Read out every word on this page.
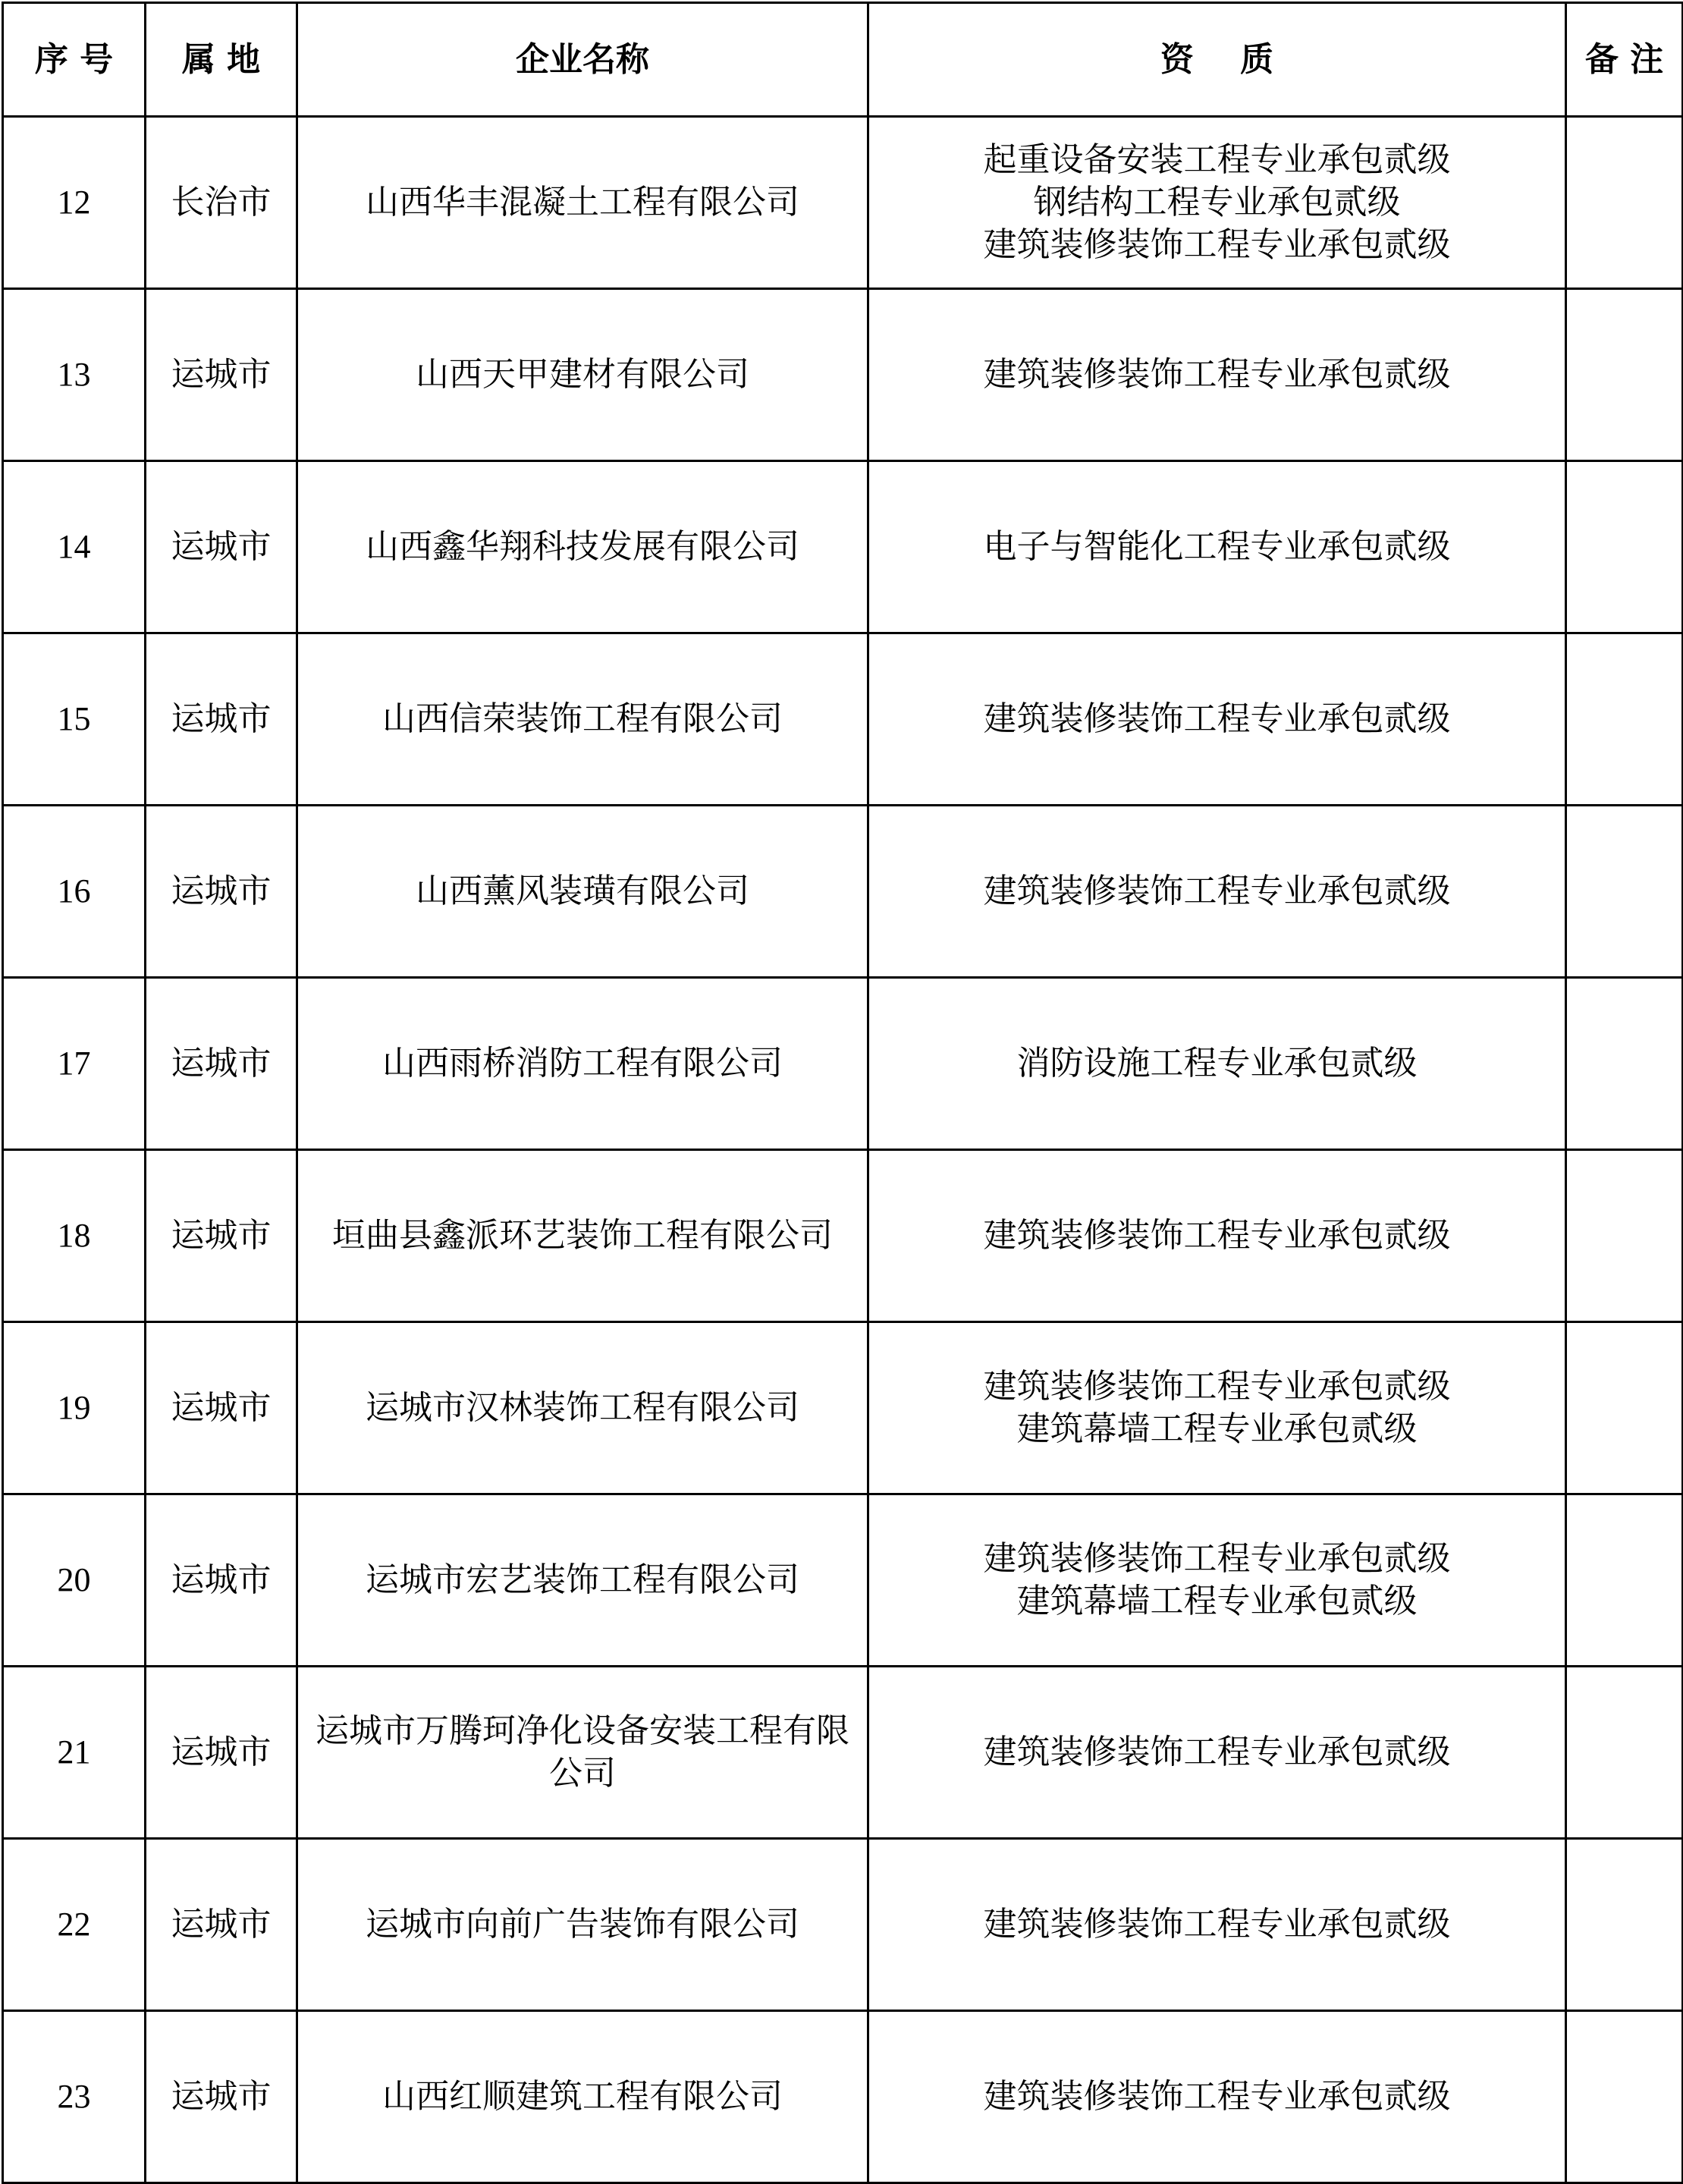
序 号	属 地	企业名称	资    质	备 注
12	长治市	山西华丰混凝土工程有限公司	起重设备安装工程专业承包贰级
钢结构工程专业承包贰级
建筑装修装饰工程专业承包贰级	

13	运城市	山西天甲建材有限公司	建筑装修装饰工程专业承包贰级	

14	运城市	山西鑫华翔科技发展有限公司	电子与智能化工程专业承包贰级	

15	运城市	山西信荣装饰工程有限公司	建筑装修装饰工程专业承包贰级	

16	运城市	山西薰风装璜有限公司	建筑装修装饰工程专业承包贰级	

17	运城市	山西雨桥消防工程有限公司	消防设施工程专业承包贰级	

18	运城市	垣曲县鑫派环艺装饰工程有限公司	建筑装修装饰工程专业承包贰级	

19	运城市	运城市汉林装饰工程有限公司	建筑装修装饰工程专业承包贰级
建筑幕墙工程专业承包贰级	

20	运城市	运城市宏艺装饰工程有限公司	建筑装修装饰工程专业承包贰级
建筑幕墙工程专业承包贰级	

21	运城市	运城市万腾珂净化设备安装工程有限
公司	建筑装修装饰工程专业承包贰级	

22	运城市	运城市向前广告装饰有限公司	建筑装修装饰工程专业承包贰级	

23	运城市	山西红顺建筑工程有限公司	建筑装修装饰工程专业承包贰级	
